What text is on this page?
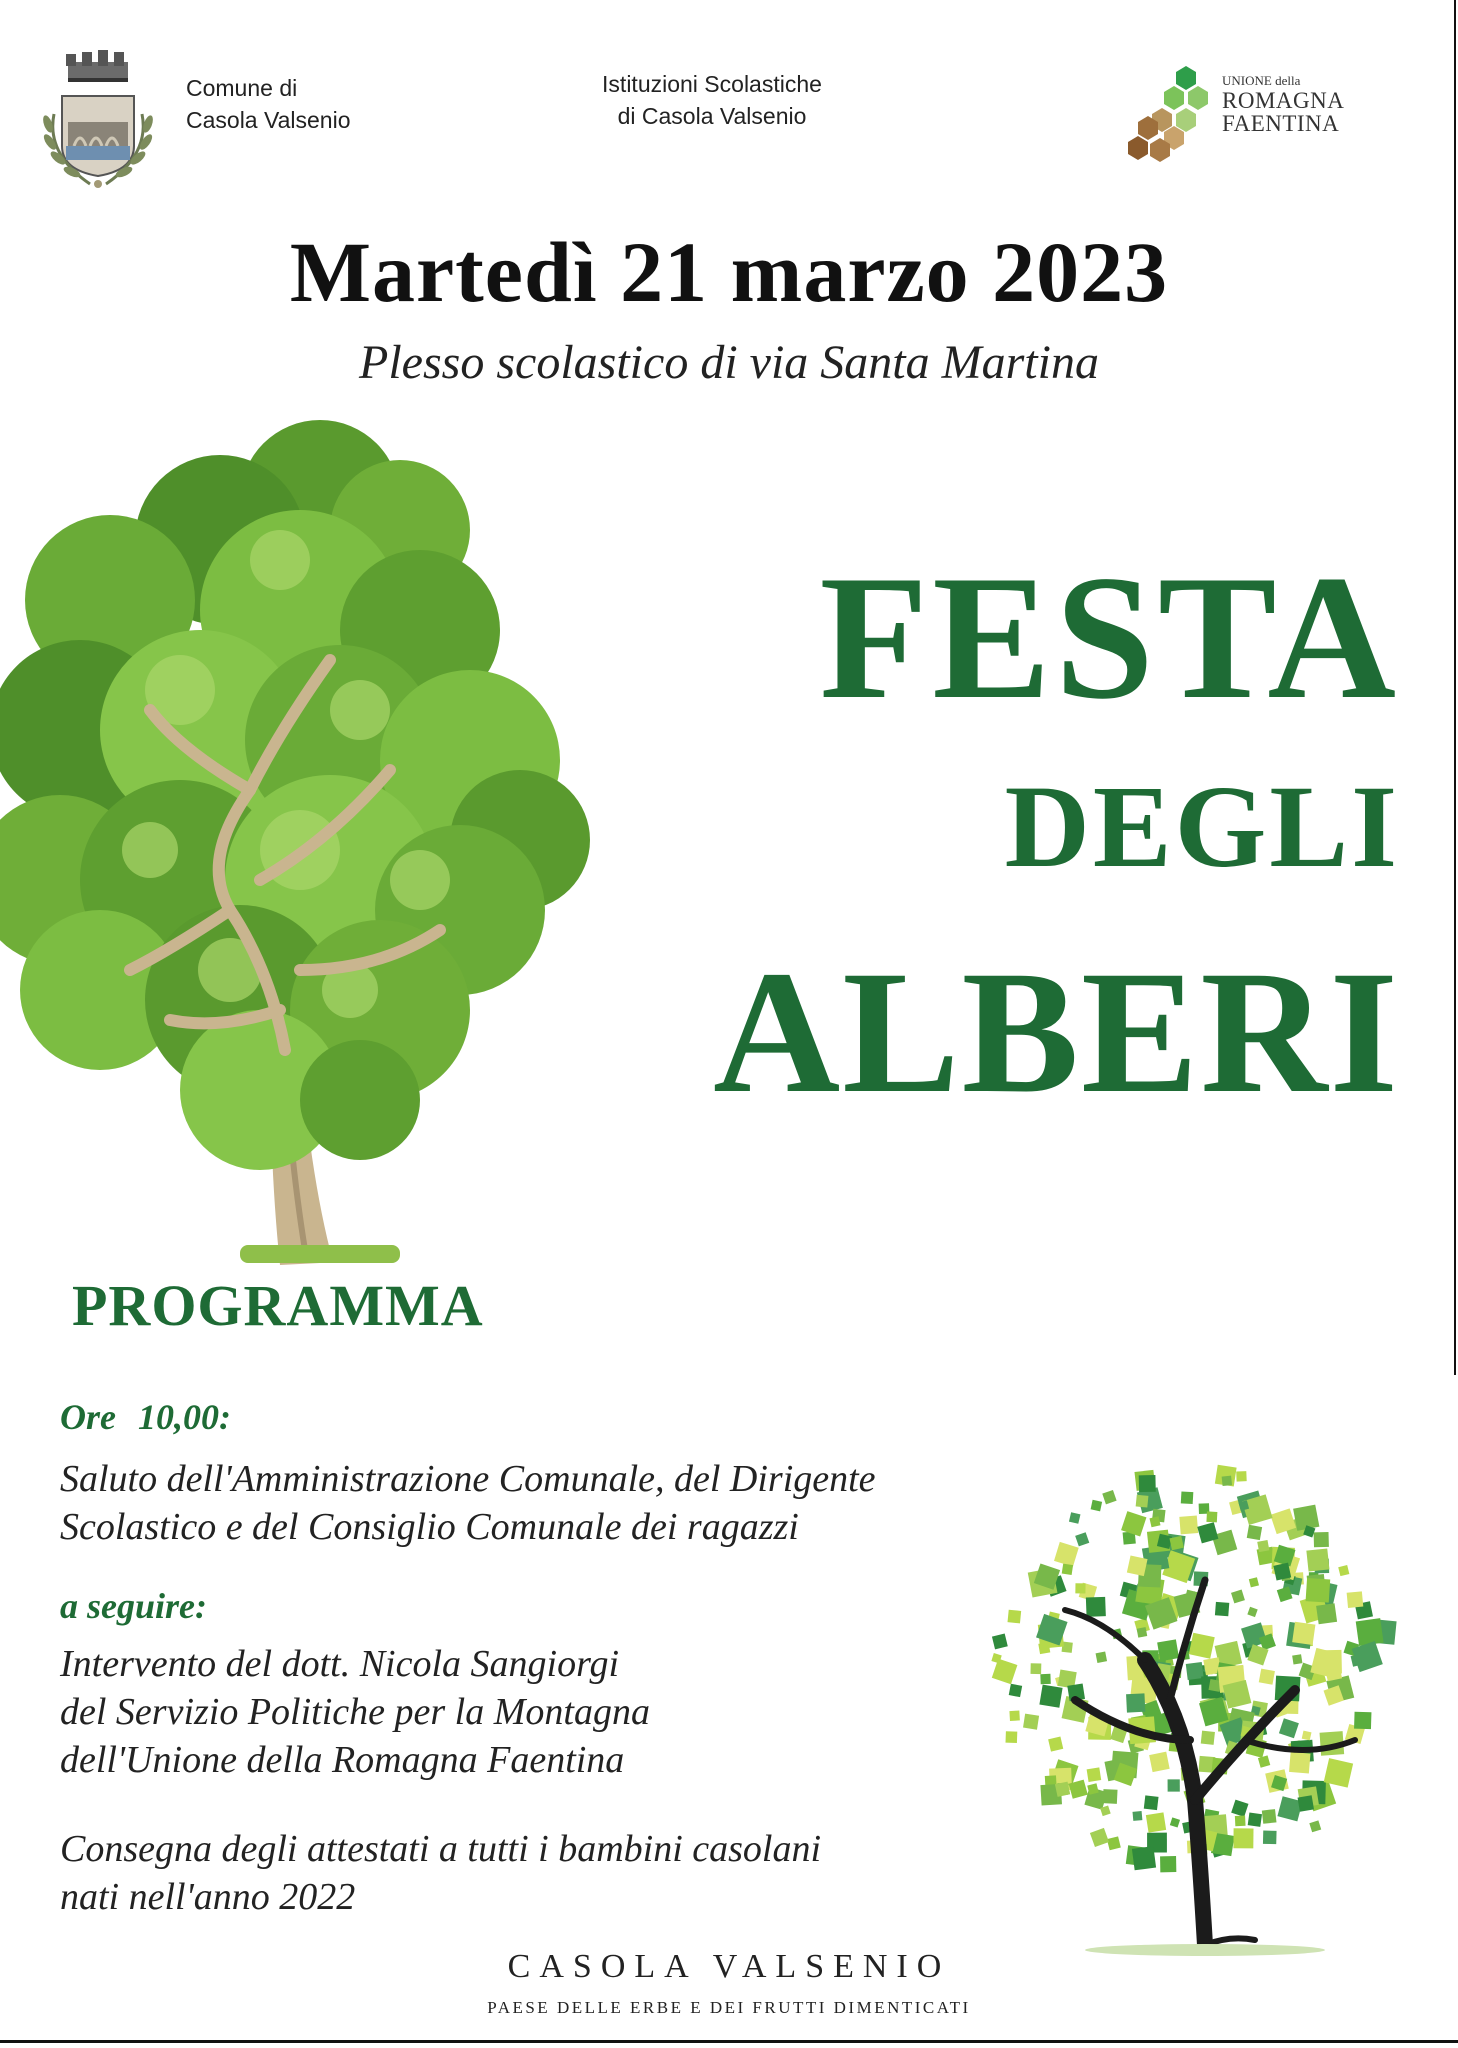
Comune di
Casola Valsenio
Istituzioni Scolastiche
di Casola Valsenio
UNIONE della
ROMAGNA
FAENTINA
Martedì 21 marzo 2023
Plesso scolastico di via Santa Martina
FESTA
DEGLI
ALBERI
PROGRAMMA
Ore 10,00:
Saluto dell'Amministrazione Comunale, del Dirigente
Scolastico e del Consiglio Comunale dei ragazzi
a seguire:
Intervento del dott. Nicola Sangiorgi
del Servizio Politiche per la Montagna
dell'Unione della Romagna Faentina
Consegna degli attestati a tutti i bambini casolani
nati nell'anno 2022
CASOLA VALSENIO
PAESE DELLE ERBE E DEI FRUTTI DIMENTICATI
